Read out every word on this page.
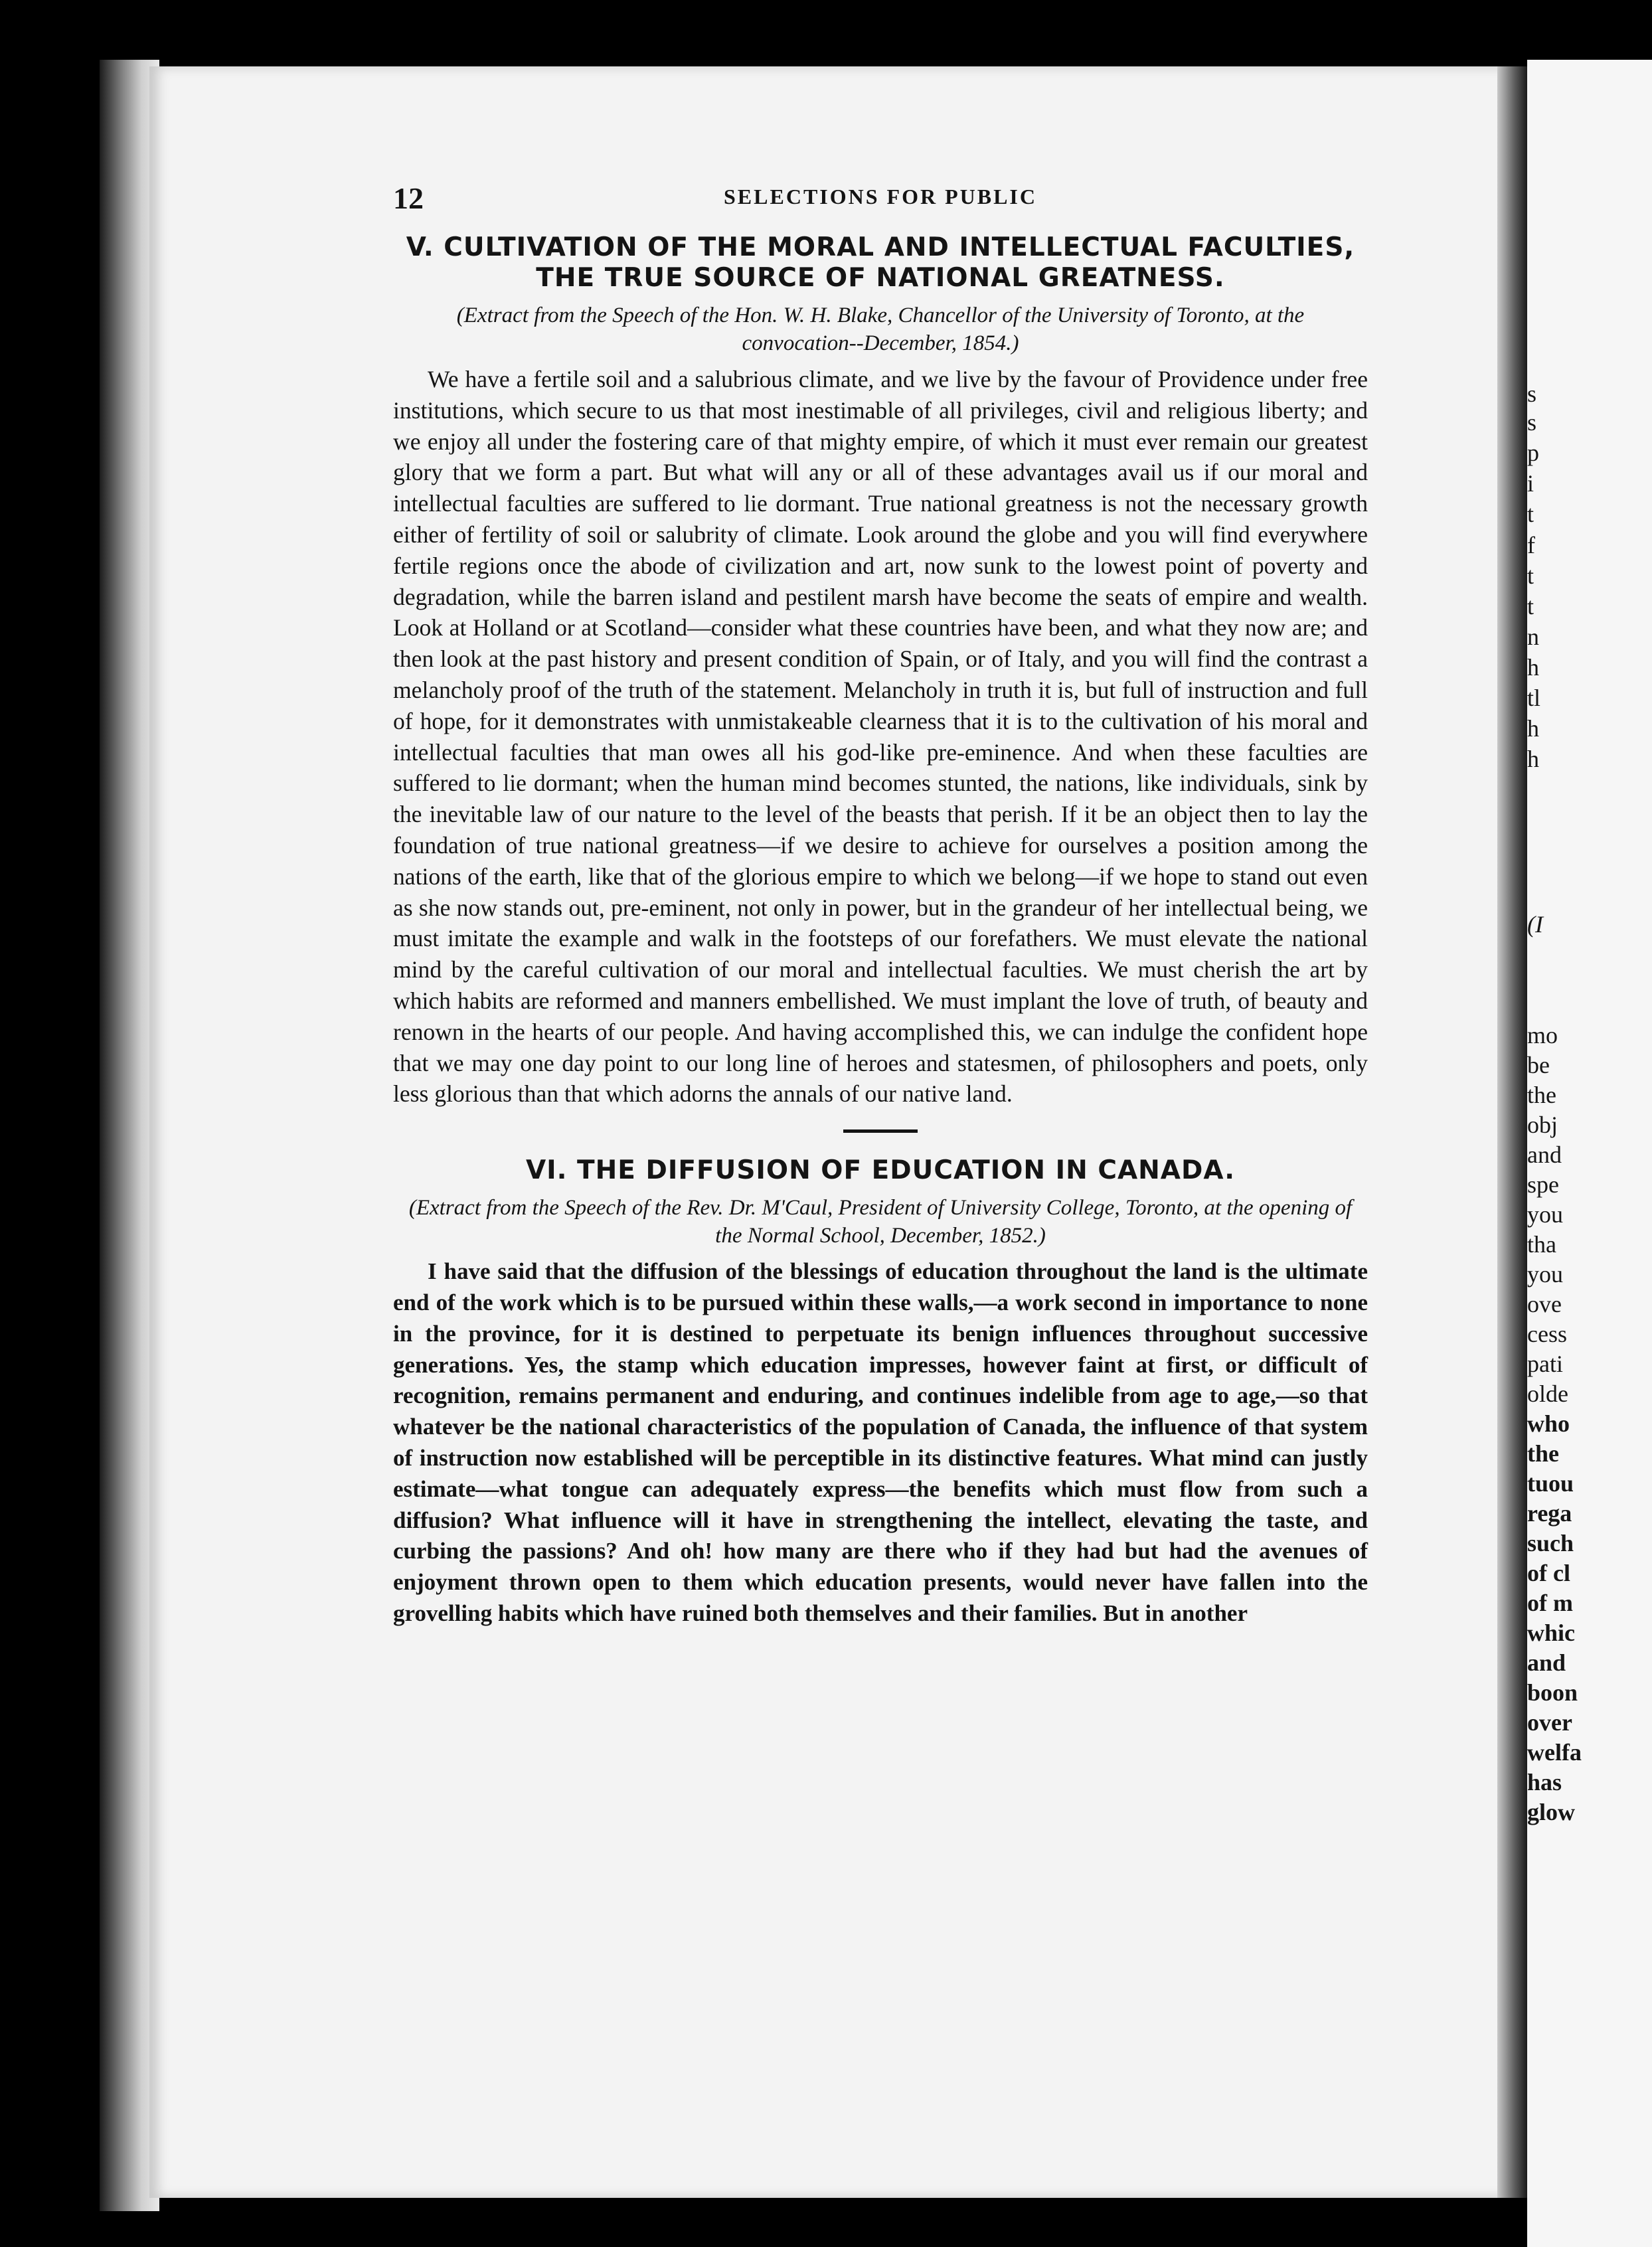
s
s
p
i
t
f
t
t
n
h
tl
h
h
(I
mo
be
the
obj
and
spe
you
tha
you
ove
cess
pati
olde
who
the
tuou
rega
such
of cl
of m
whic
and
boon
over
welfa
has
glow
12	SELECTIONS FOR PUBLIC
V. CULTIVATION OF THE MORAL AND INTELLECTUAL FACULTIES, THE TRUE SOURCE OF NATIONAL GREATNESS.

(Extract from the Speech of the Hon. W. H. Blake, Chancellor of the University of Toronto, at the convocation--December, 1854.)

We have a fertile soil and a salubrious climate, and we live by the favour of Providence under free institutions, which secure to us that most inestimable of all privileges, civil and religious liberty; and we enjoy all under the fostering care of that mighty empire, of which it must ever remain our greatest glory that we form a part. But what will any or all of these advantages avail us if our moral and intellectual faculties are suffered to lie dormant. True national greatness is not the necessary growth either of fertility of soil or salubrity of climate. Look around the globe and you will find everywhere fertile regions once the abode of civilization and art, now sunk to the lowest point of poverty and degradation, while the barren island and pestilent marsh have become the seats of empire and wealth. Look at Holland or at Scotland—consider what these countries have been, and what they now are; and then look at the past history and present condition of Spain, or of Italy, and you will find the contrast a melancholy proof of the truth of the statement. Melancholy in truth it is, but full of instruction and full of hope, for it demonstrates with unmistakeable clearness that it is to the cultivation of his moral and intellectual faculties that man owes all his god-like pre-eminence. And when these faculties are suffered to lie dormant; when the human mind becomes stunted, the nations, like individuals, sink by the inevitable law of our nature to the level of the beasts that perish. If it be an object then to lay the foundation of true national greatness—if we desire to achieve for ourselves a position among the nations of the earth, like that of the glorious empire to which we belong—if we hope to stand out even as she now stands out, pre-eminent, not only in power, but in the grandeur of her intellectual being, we must imitate the example and walk in the footsteps of our forefathers. We must elevate the national mind by the careful cultivation of our moral and intellectual faculties. We must cherish the art by which habits are reformed and manners embellished. We must implant the love of truth, of beauty and renown in the hearts of our people. And having accomplished this, we can indulge the confident hope that we may one day point to our long line of heroes and statesmen, of philosophers and poets, only less glorious than that which adorns the annals of our native land.

VI. THE DIFFUSION OF EDUCATION IN CANADA.

(Extract from the Speech of the Rev. Dr. M'Caul, President of University College, Toronto, at the opening of the Normal School, December, 1852.)

I have said that the diffusion of the blessings of education throughout the land is the ultimate end of the work which is to be pursued within these walls,—a work second in importance to none in the province, for it is destined to perpetuate its benign influences throughout successive generations. Yes, the stamp which education impresses, however faint at first, or difficult of recognition, remains permanent and enduring, and continues indelible from age to age,—so that whatever be the national characteristics of the population of Canada, the influence of that system of instruction now established will be perceptible in its distinctive features. What mind can justly estimate—what tongue can adequately express—the benefits which must flow from such a diffusion? What influence will it have in strengthening the intellect, elevating the taste, and curbing the passions? And oh! how many are there who if they had but had the avenues of enjoyment thrown open to them which education presents, would never have fallen into the grovelling habits which have ruined both themselves and their families. But in another
